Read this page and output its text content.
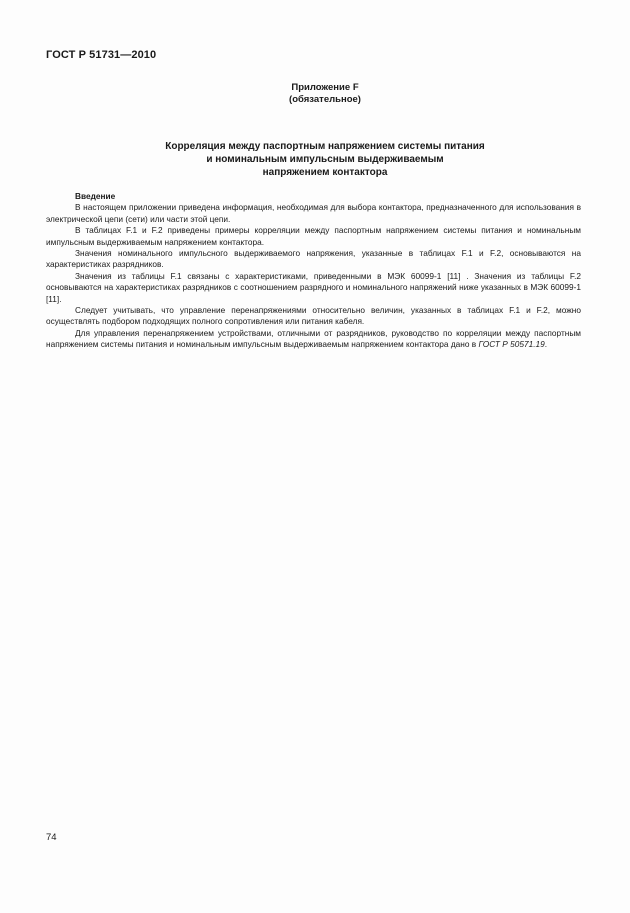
ГОСТ Р 51731—2010
Приложение F
(обязательное)
Корреляция между паспортным напряжением системы питания
и номинальным импульсным выдерживаемым
напряжением контактора

Введение

В настоящем приложении приведена информация, необходимая для выбора контактора, предназначенного для использования в электрической цепи (сети) или части этой цепи.

В таблицах F.1 и F.2 приведены примеры корреляции между паспортным напряжением системы питания и номинальным импульсным выдерживаемым напряжением контактора.

Значения номинального импульсного выдерживаемого напряжения, указанные в таблицах F.1 и F.2, основываются на характеристиках разрядников.

Значения из таблицы F.1 связаны с характеристиками, приведенными в МЭК 60099-1 [11] . Значения из таблицы F.2 основываются на характеристиках разрядников с соотношением разрядного и номинального напряжений ниже указанных в МЭК 60099-1 [11].

Следует учитывать, что управление перенапряжениями относительно величин, указанных в таблицах F.1 и F.2, можно осуществлять подбором подходящих полного сопротивления или питания кабеля.

Для управления перенапряжением устройствами, отличными от разрядников, руководство по корреляции между паспортным напряжением системы питания и номинальным импульсным выдерживаемым напряжением контактора дано в ГОСТ Р 50571.19.

74
